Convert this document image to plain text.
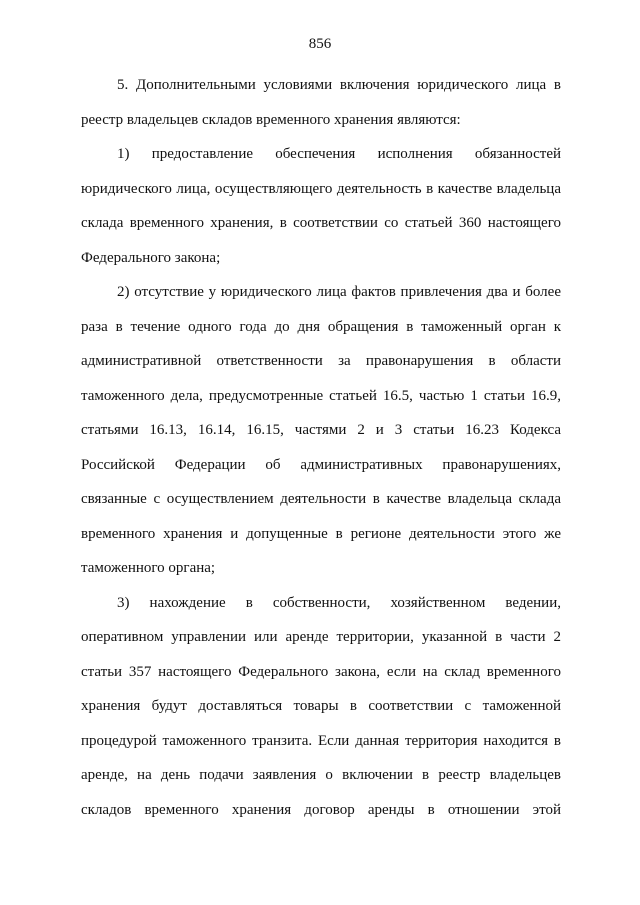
856

5. Дополнительными условиями включения юридического лица в реестр владельцев складов временного хранения являются:

1) предоставление обеспечения исполнения обязанностей юридического лица, осуществляющего деятельность в качестве владельца склада временного хранения, в соответствии со статьей 360 настоящего Федерального закона;

2) отсутствие у юридического лица фактов привлечения два и более раза в течение одного года до дня обращения в таможенный орган к административной ответственности за правонарушения в области таможенного дела, предусмотренные статьей 16.5, частью 1 статьи 16.9, статьями 16.13, 16.14, 16.15, частями 2 и 3 статьи 16.23 Кодекса Российской Федерации об административных правонарушениях, связанные с осуществлением деятельности в качестве владельца склада временного хранения и допущенные в регионе деятельности этого же таможенного органа;

3) нахождение в собственности, хозяйственном ведении, оперативном управлении или аренде территории, указанной в части 2 статьи 357 настоящего Федерального закона, если на склад временного хранения будут доставляться товары в соответствии с таможенной процедурой таможенного транзита. Если данная территория находится в аренде, на день подачи заявления о включении в реестр владельцев складов временного хранения договор аренды в отношении этой
